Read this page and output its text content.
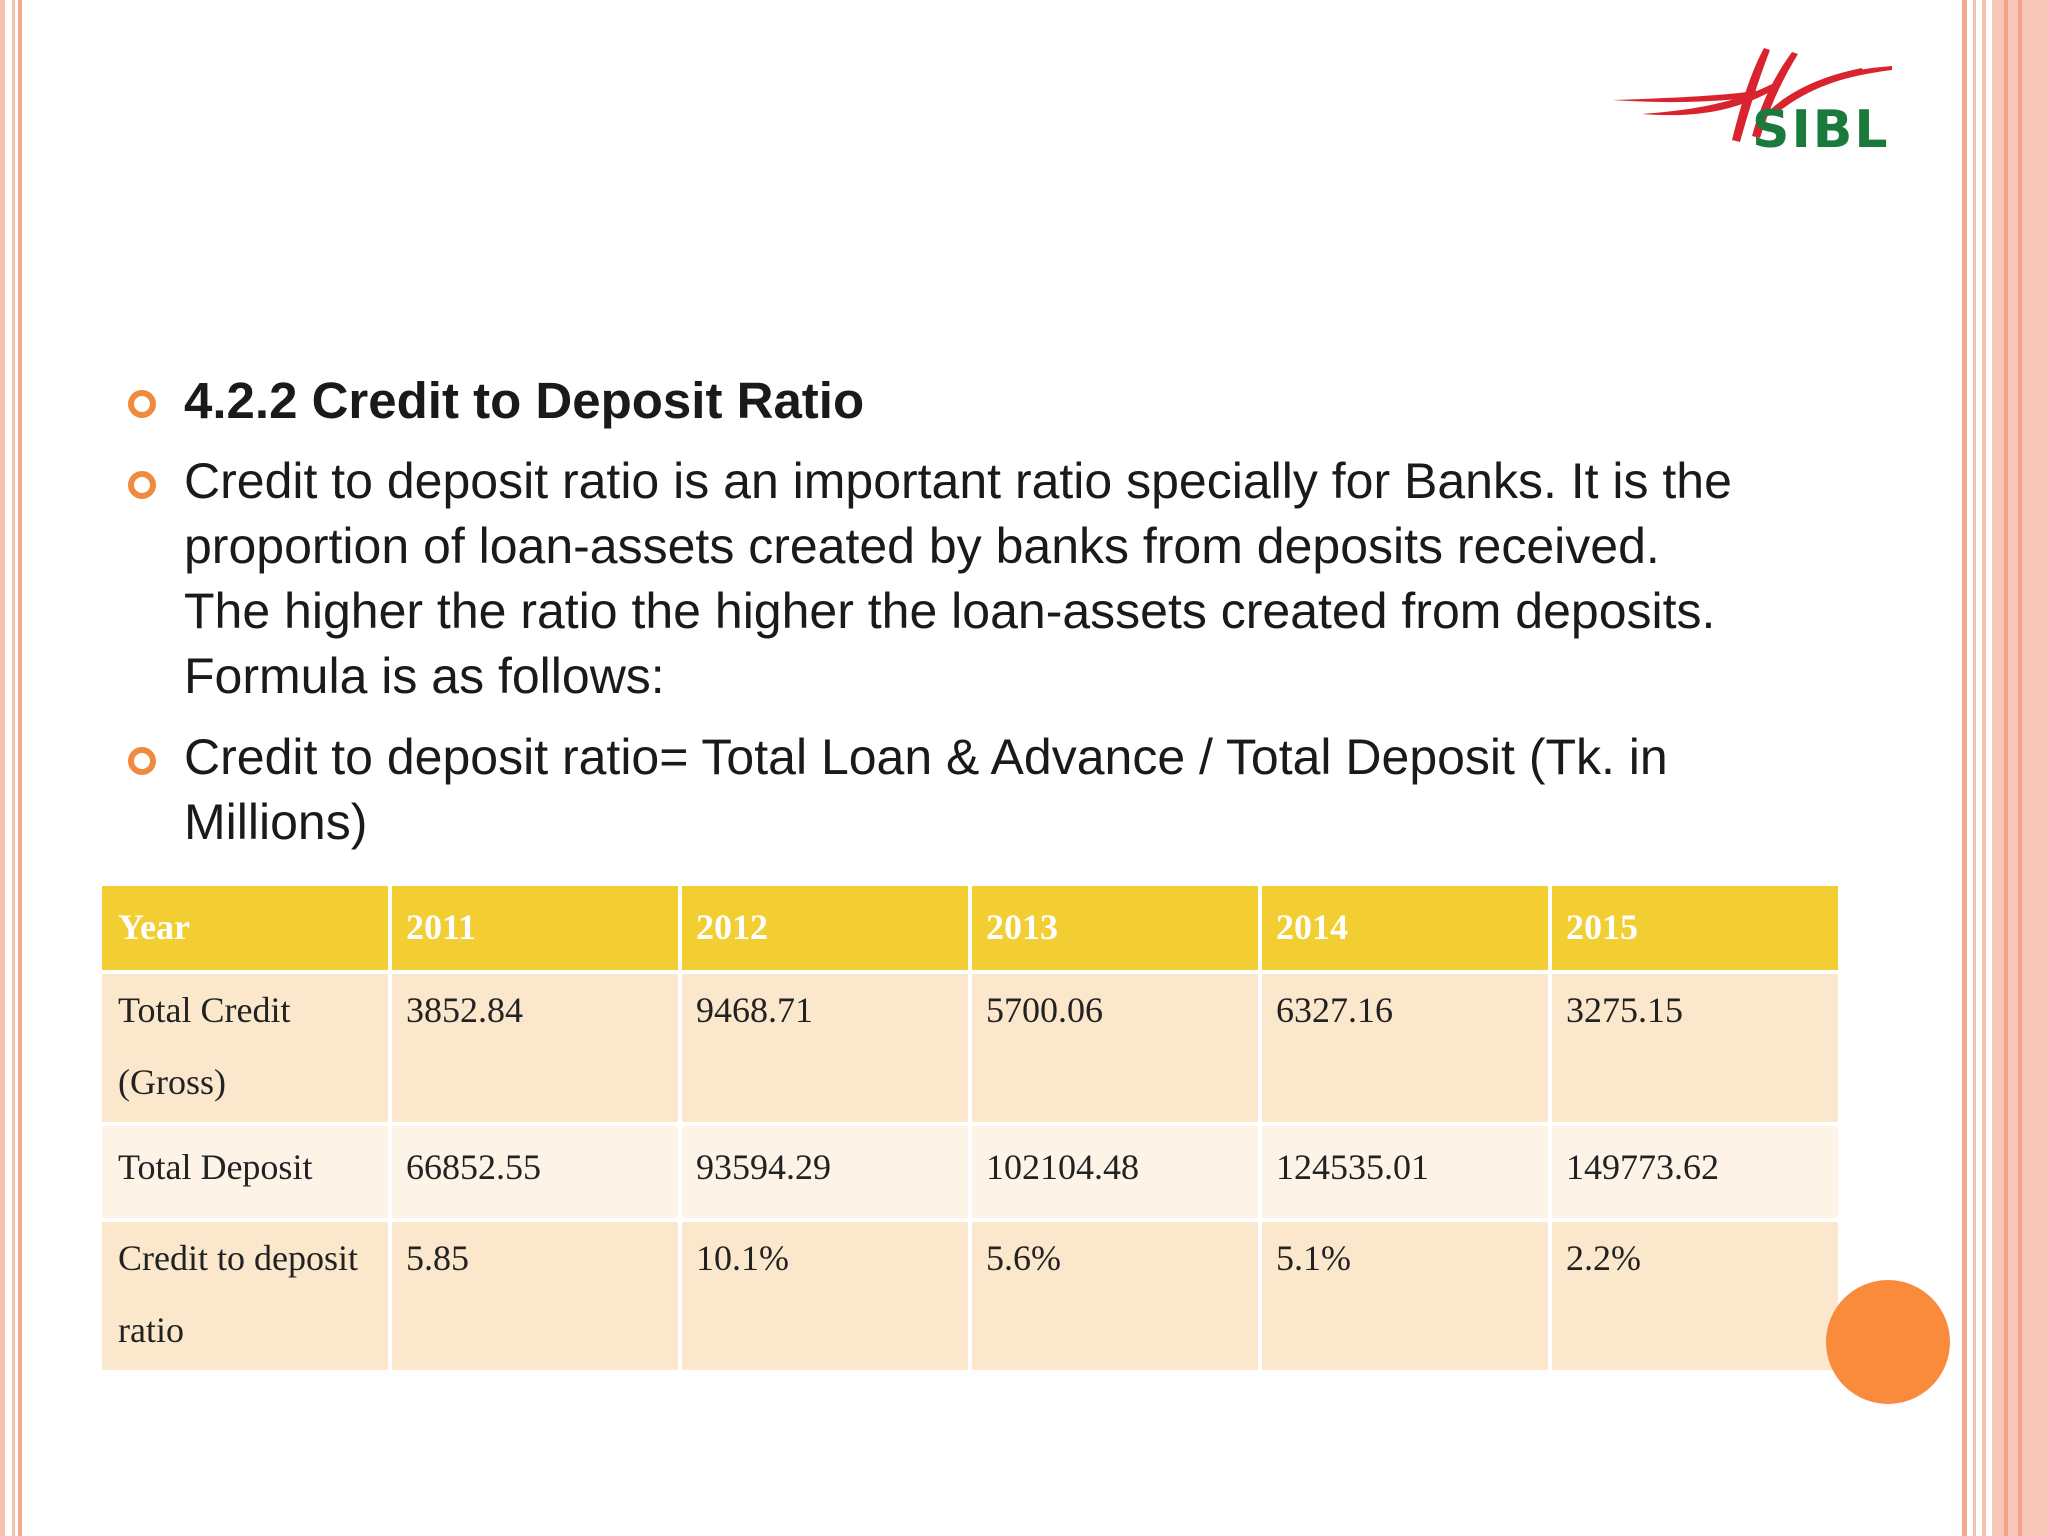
SIBL
4.2.2 Credit to Deposit Ratio
Credit to deposit ratio is an important ratio specially for Banks. It is the proportion of loan-assets created by banks from deposits received. The higher the ratio the higher the loan-assets created from deposits. Formula is as follows:
Credit to deposit ratio= Total Loan & Advance / Total Deposit (Tk. in Millions)
Year	2011	2012	2013	2014	2015
Total Credit (Gross)	3852.84	9468.71	5700.06	6327.16	3275.15
Total Deposit	66852.55	93594.29	102104.48	124535.01	149773.62
Credit to deposit ratio	5.85	10.1%	5.6%	5.1%	2.2%
